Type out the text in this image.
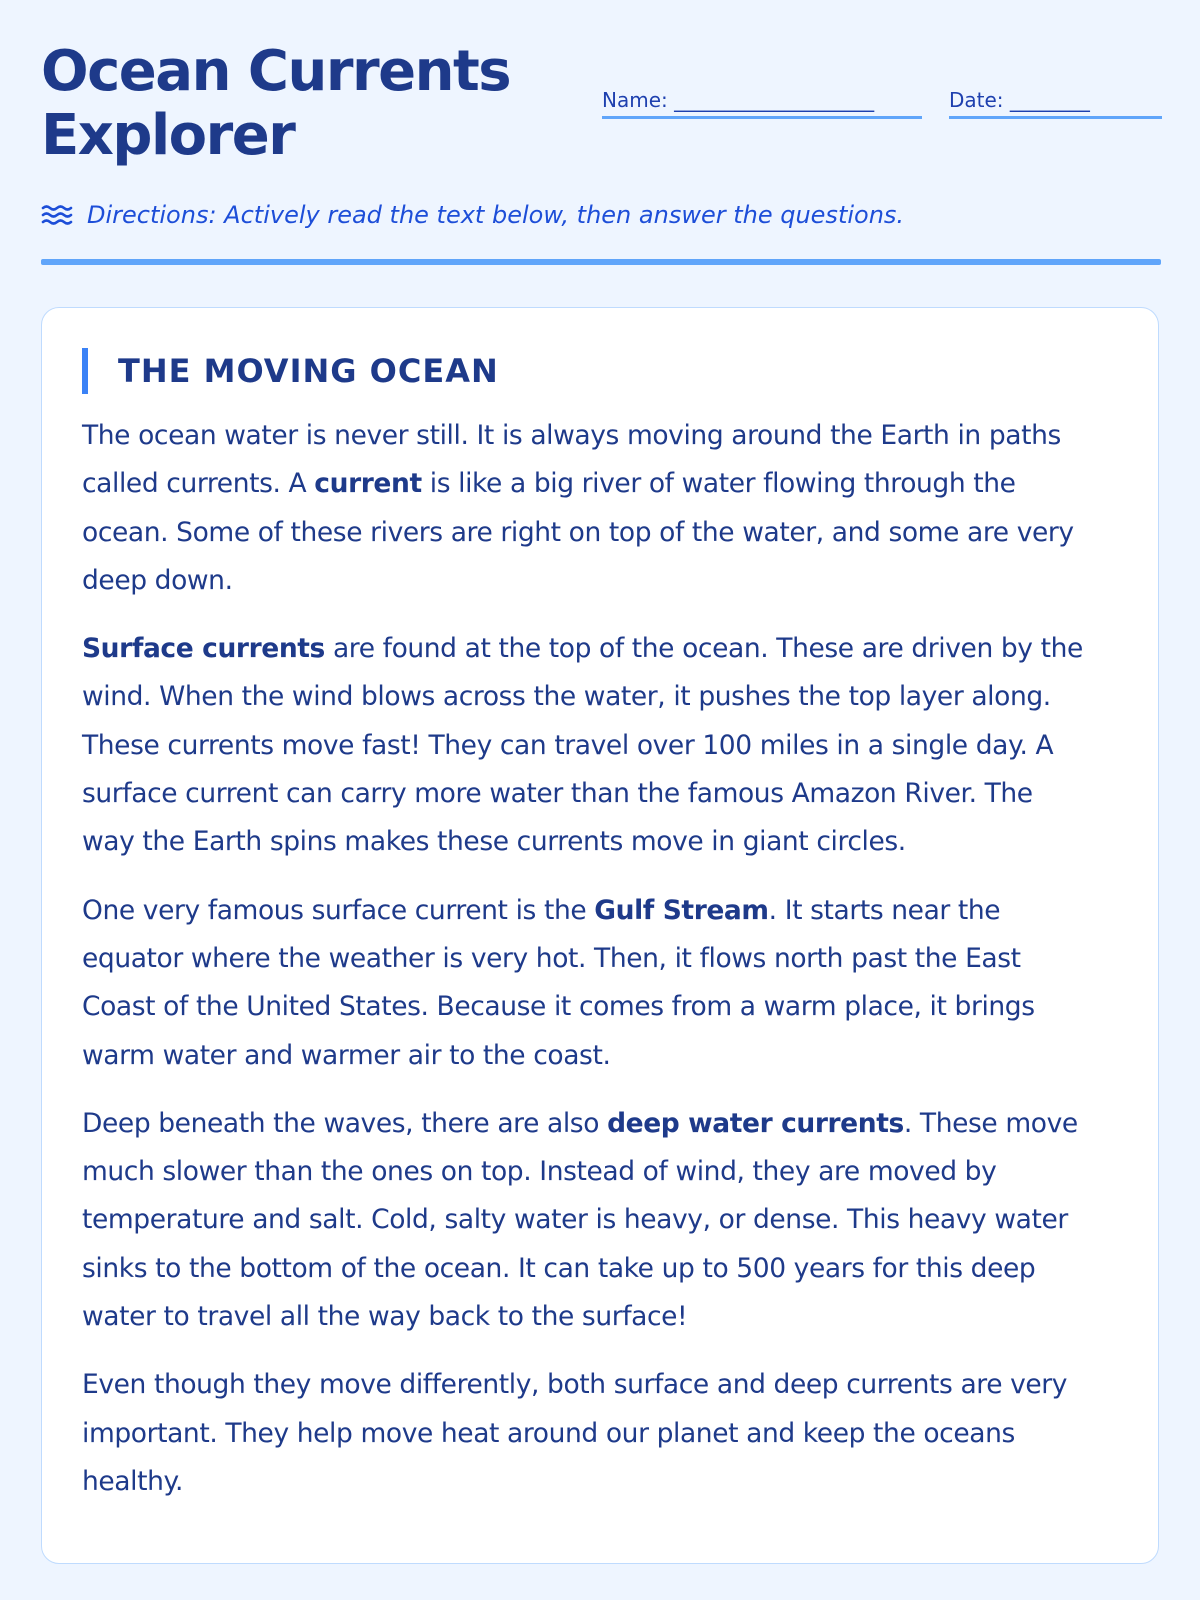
Ocean Currents
Explorer
Name: ____________________	Date: ________
Directions: Actively read the text below, then answer the questions.
THE MOVING OCEAN

The ocean water is never still. It is always moving around the Earth in paths called currents. A current is like a big river of water flowing through the ocean. Some of these rivers are right on top of the water, and some are very deep down.

Surface currents are found at the top of the ocean. These are driven by the wind. When the wind blows across the water, it pushes the top layer along. These currents move fast! They can travel over 100 miles in a single day. A surface current can carry more water than the famous Amazon River. The way the Earth spins makes these currents move in giant circles.

One very famous surface current is the Gulf Stream. It starts near the equator where the weather is very hot. Then, it flows north past the East Coast of the United States. Because it comes from a warm place, it brings warm water and warmer air to the coast.

Deep beneath the waves, there are also deep water currents. These move much slower than the ones on top. Instead of wind, they are moved by temperature and salt. Cold, salty water is heavy, or dense. This heavy water sinks to the bottom of the ocean. It can take up to 500 years for this deep water to travel all the way back to the surface!

Even though they move differently, both surface and deep currents are very important. They help move heat around our planet and keep the oceans healthy.
